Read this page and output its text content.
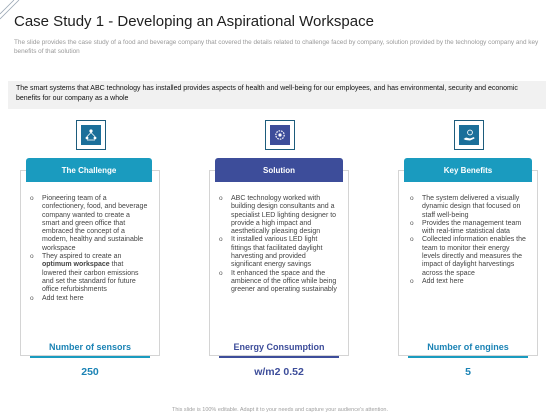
Case Study 1 - Developing an Aspirational Workspace
The slide provides the case study of a food and beverage company that covered the details related to challenge faced by company, solution provided by the technology company and key benefits of that solution
The smart systems that ABC technology has installed provides aspects of health and well-being for our employees, and has environmental, security and economic benefits for our company as a whole
The Challenge	Solution	Key Benefits
o Pioneering team of a confectionery, food, and beverage company wanted to create a smart and green office that embraced the concept of a modern, healthy and sustainable workspace
o They aspired to create an optimum workspace that lowered their carbon emissions and set the standard for future office refurbishments
o Add text here
o ABC technology worked with building design consultants and a specialist LED lighting designer to provide a high impact and aesthetically pleasing design
o It installed various LED light fittings that facilitated daylight harvesting and provided significant energy savings
o It enhanced the space and the ambience of the office while being greener and operating sustainably
o The system delivered a visually dynamic design that focused on staff well-being
o Provides the management team with real-time statistical data
o Collected information enables the team to monitor their energy levels directly and measures the impact of daylight harvestings across the space
o Add text here
Number of sensors	Energy Consumption	Number of engines
250	w/m2 0.52	5
This slide is 100% editable. Adapt it to your needs and capture your audience's attention.
